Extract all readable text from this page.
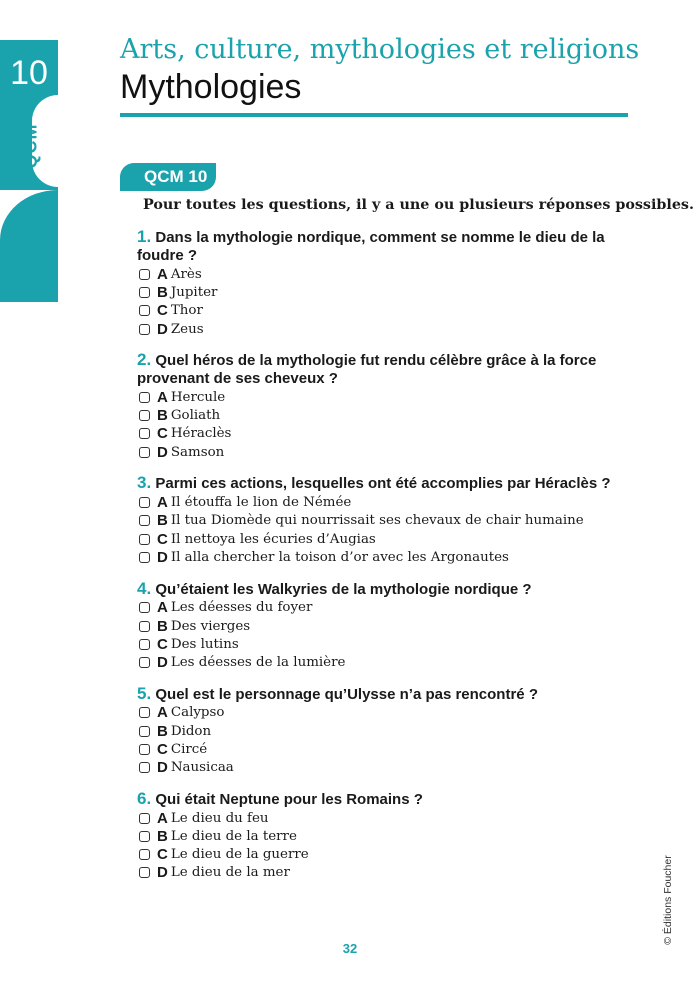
10
QCM
Arts, culture, mythologies et religions
Mythologies
QCM 10
Pour toutes les questions, il y a une ou plusieurs réponses possibles.
1. Dans la mythologie nordique, comment se nomme le dieu de la foudre ?
A Arès
B Jupiter
C Thor
D Zeus
2. Quel héros de la mythologie fut rendu célèbre grâce à la force provenant de ses cheveux ?
A Hercule
B Goliath
C Héraclès
D Samson
3. Parmi ces actions, lesquelles ont été accomplies par Héraclès ?
A Il étouffa le lion de Némée
B Il tua Diomède qui nourrissait ses chevaux de chair humaine
C Il nettoya les écuries d’Augias
D Il alla chercher la toison d’or avec les Argonautes
4. Qu’étaient les Walkyries de la mythologie nordique ?
A Les déesses du foyer
B Des vierges
C Des lutins
D Les déesses de la lumière
5. Quel est le personnage qu’Ulysse n’a pas rencontré ?
A Calypso
B Didon
C Circé
D Nausicaa
6. Qui était Neptune pour les Romains ?
A Le dieu du feu
B Le dieu de la terre
C Le dieu de la guerre
D Le dieu de la mer	© Éditions Foucher
32
